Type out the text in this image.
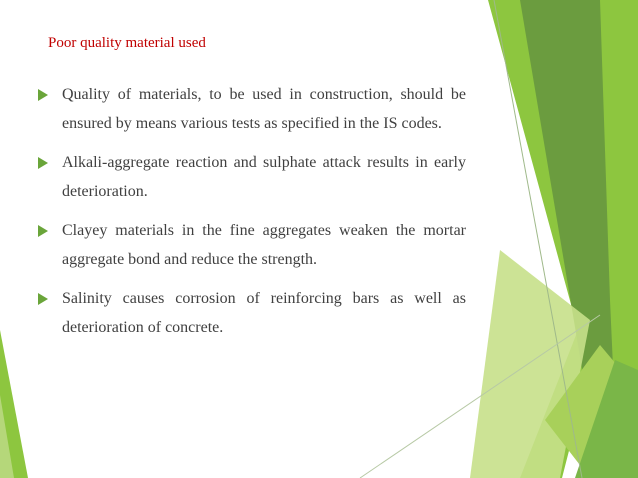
Poor quality material used
Quality of materials, to be used in construction, should be ensured by means various tests as specified in the IS codes.
Alkali-aggregate reaction and sulphate attack results in early deterioration.
Clayey materials in the fine aggregates weaken the mortar aggregate bond and reduce the strength.
Salinity causes corrosion of reinforcing bars as well as deterioration of concrete.
